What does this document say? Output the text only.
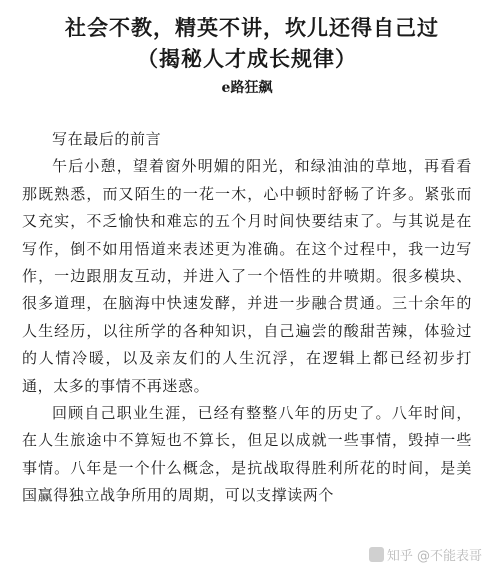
社会不教，精英不讲，坎儿还得自己过
（揭秘人才成长规律）
e路狂飙

写在最后的前言

午后小憩，望着窗外明媚的阳光，和绿油油的草地，再看看那既熟悉，而又陌生的一花一木，心中顿时舒畅了许多。紧张而又充实，不乏愉快和难忘的五个月时间快要结束了。与其说是在写作，倒不如用悟道来表述更为准确。在这个过程中，我一边写作，一边跟朋友互动，并进入了一个悟性的井喷期。很多模块、很多道理，在脑海中快速发酵，并进一步融合贯通。三十余年的人生经历，以往所学的各种知识，自己遍尝的酸甜苦辣，体验过的人情冷暖，以及亲友们的人生沉浮，在逻辑上都已经初步打通，太多的事情不再迷惑。

回顾自己职业生涯，已经有整整八年的历史了。八年时间，在人生旅途中不算短也不算长，但足以成就一些事情，毁掉一些事情。八年是一个什么概念，是抗战取得胜利所花的时间，是美国赢得独立战争所用的周期，可以支撑读两个

知乎 @不能表哥
